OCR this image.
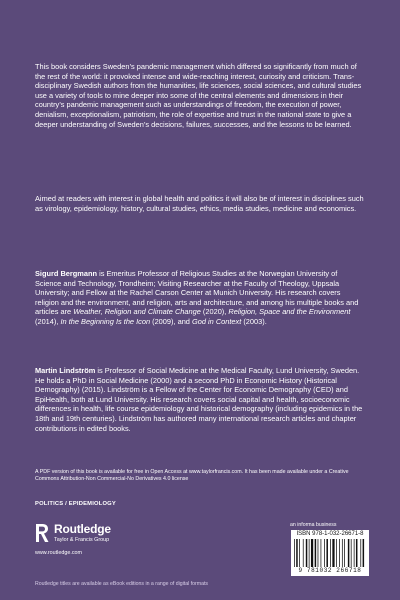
This book considers Sweden’s pandemic management which differed so significantly from much of the rest of the world: it provoked intense and wide-reaching interest, curiosity and criticism. Trans-disciplinary Swedish authors from the humanities, life sciences, social sciences, and cultural studies use a variety of tools to mine deeper into some of the central elements and dimensions in their country’s pandemic management such as understandings of freedom, the execution of power, denialism, exceptionalism, patriotism, the role of expertise and trust in the national state to give a deeper understanding of Sweden’s decisions, failures, successes, and the lessons to be learned.

Aimed at readers with interest in global health and politics it will also be of interest in disciplines such as virology, epidemiology, history, cultural studies, ethics, media studies, medicine and economics.

Sigurd Bergmann is Emeritus Professor of Religious Studies at the Norwegian University of Science and Technology, Trondheim; Visiting Researcher at the Faculty of Theology, Uppsala University; and Fellow at the Rachel Carson Center at Munich University. His research covers religion and the environment, and religion, arts and architecture, and among his multiple books and articles are Weather, Religion and Climate Change (2020), Religion, Space and the Environment (2014), In the Beginning Is the Icon (2009), and God in Context (2003).

Martin Lindström is Professor of Social Medicine at the Medical Faculty, Lund University, Sweden. He holds a PhD in Social Medicine (2000) and a second PhD in Economic History (Historical Demography) (2015). Lindström is a Fellow of the Center for Economic Demography (CED) and EpiHealth, both at Lund University. His research covers social capital and health, socioeconomic differences in health, life course epidemiology and historical demography (including epidemics in the 18th and 19th centuries). Lindström has authored many international research articles and chapter contributions in edited books.

A PDF version of this book is available for free in Open Access at www.taylorfrancis.com. It has been made available under a Creative Commons Attribution-Non Commercial-No Derivatives 4.0 license

POLITICS / EPIDEMIOLOGY
Routledge
Taylor & Francis Group
www.routledge.com
an informa business
ISBN 978-1-032-26671-8
9 781032 266718
Routledge titles are available as eBook editions in a range of digital formats
